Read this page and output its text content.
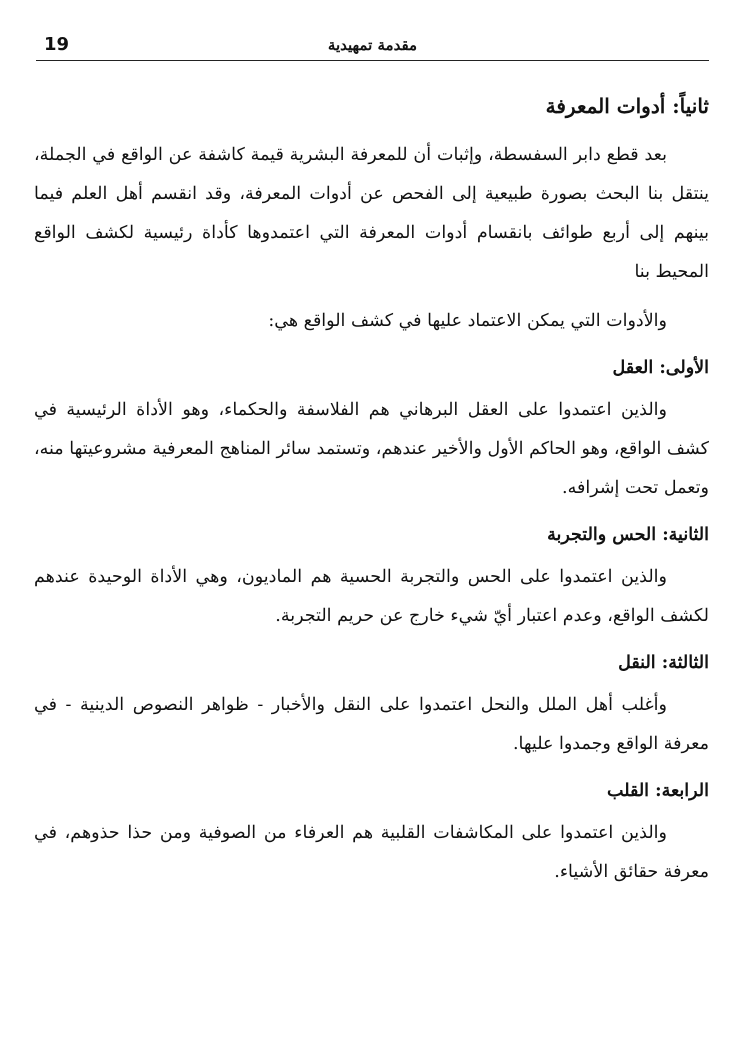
19	مقدمة تمهيدية
ثانياً: أدوات المعرفة

بعد قطع دابر السفسطة، وإثبات أن للمعرفة البشرية قيمة كاشفة عن الواقع في الجملة، ينتقل بنا البحث بصورة طبيعية إلى الفحص عن أدوات المعرفة، وقد انقسم أهل العلم فيما بينهم إلى أربع طوائف بانقسام أدوات المعرفة التي اعتمدوها كأداة رئيسية لكشف الواقع المحيط بنا

والأدوات التي يمكن الاعتماد عليها في كشف الواقع هي:

الأولى: العقل

والذين اعتمدوا على العقل البرهاني هم الفلاسفة والحكماء، وهو الأداة الرئيسية في كشف الواقع، وهو الحاكم الأول والأخير عندهم، وتستمد سائر المناهج المعرفية مشروعيتها منه، وتعمل تحت إشرافه.

الثانية: الحس والتجربة

والذين اعتمدوا على الحس والتجربة الحسية هم الماديون، وهي الأداة الوحيدة عندهم لكشف الواقع، وعدم اعتبار أيّ شيء خارج عن حريم التجربة.

الثالثة: النقل

وأغلب أهل الملل والنحل اعتمدوا على النقل والأخبار - ظواهر النصوص الدينية - في معرفة الواقع وجمدوا عليها.

الرابعة: القلب

والذين اعتمدوا على المكاشفات القلبية هم العرفاء من الصوفية ومن حذا حذوهم، في معرفة حقائق الأشياء.
